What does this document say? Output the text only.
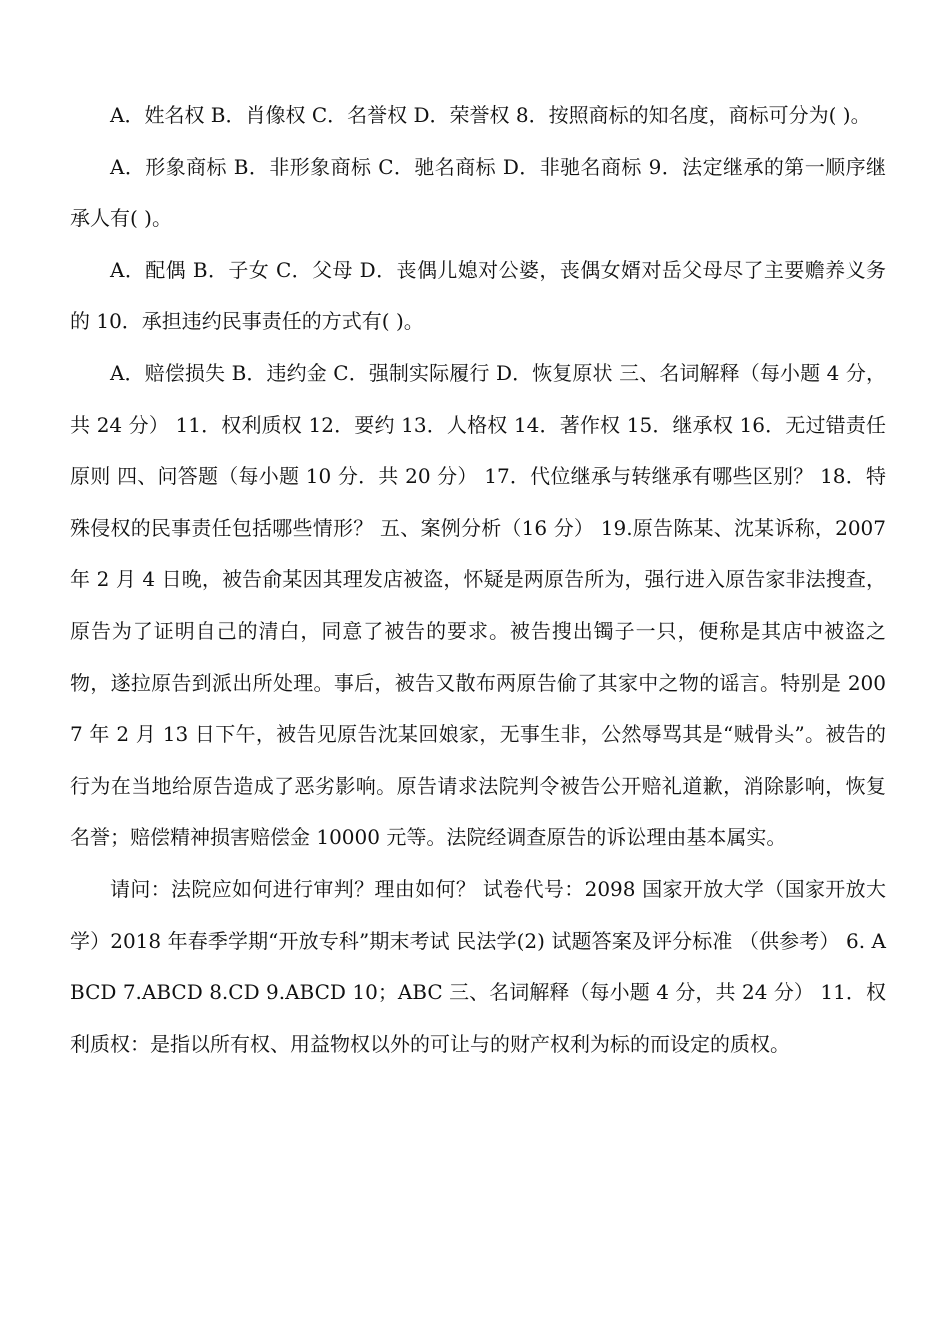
A．姓名权 B．肖像权 C．名誉权 D．荣誉权 8．按照商标的知名度，商标可分为( )。

A．形象商标 B．非形象商标 C．驰名商标 D．非驰名商标 9．法定继承的第一顺序继承人有( )。

A．配偶 B．子女 C．父母 D．丧偶儿媳对公婆，丧偶女婿对岳父母尽了主要赡养义务的 10．承担违约民事责任的方式有( )。

A．赔偿损失 B．违约金 C．强制实际履行 D．恢复原状 三、名词解释（每小题 4 分，共 24 分） 11．权利质权 12．要约 13．人格权 14．著作权 15．继承权 16．无过错责任原则 四、问答题（每小题 10 分．共 20 分） 17．代位继承与转继承有哪些区别？ 18．特殊侵权的民事责任包括哪些情形？ 五、案例分析（16 分） 19.原告陈某、沈某诉称，2007 年 2 月 4 日晚，被告俞某因其理发店被盗，怀疑是两原告所为，强行进入原告家非法搜查，原告为了证明自己的清白，同意了被告的要求。被告搜出镯子一只，便称是其店中被盗之物，遂拉原告到派出所处理。事后，被告又散布两原告偷了其家中之物的谣言。特别是 2007 年 2 月 13 日下午，被告见原告沈某回娘家，无事生非，公然辱骂其是“贼骨头”。被告的行为在当地给原告造成了恶劣影响。原告请求法院判令被告公开赔礼道歉，消除影响，恢复名誉；赔偿精神损害赔偿金 10000 元等。法院经调查原告的诉讼理由基本属实。

请问：法院应如何进行审判？理由如何？ 试卷代号：2098 国家开放大学（国家开放大学）2018 年春季学期“开放专科”期末考试 民法学(2) 试题答案及评分标准 （供参考） 6. ABCD 7.ABCD 8.CD 9.ABCD 10；ABC 三、名词解释（每小题 4 分，共 24 分） 11．权利质权：是指以所有权、用益物权以外的可让与的财产权利为标的而设定的质权。
